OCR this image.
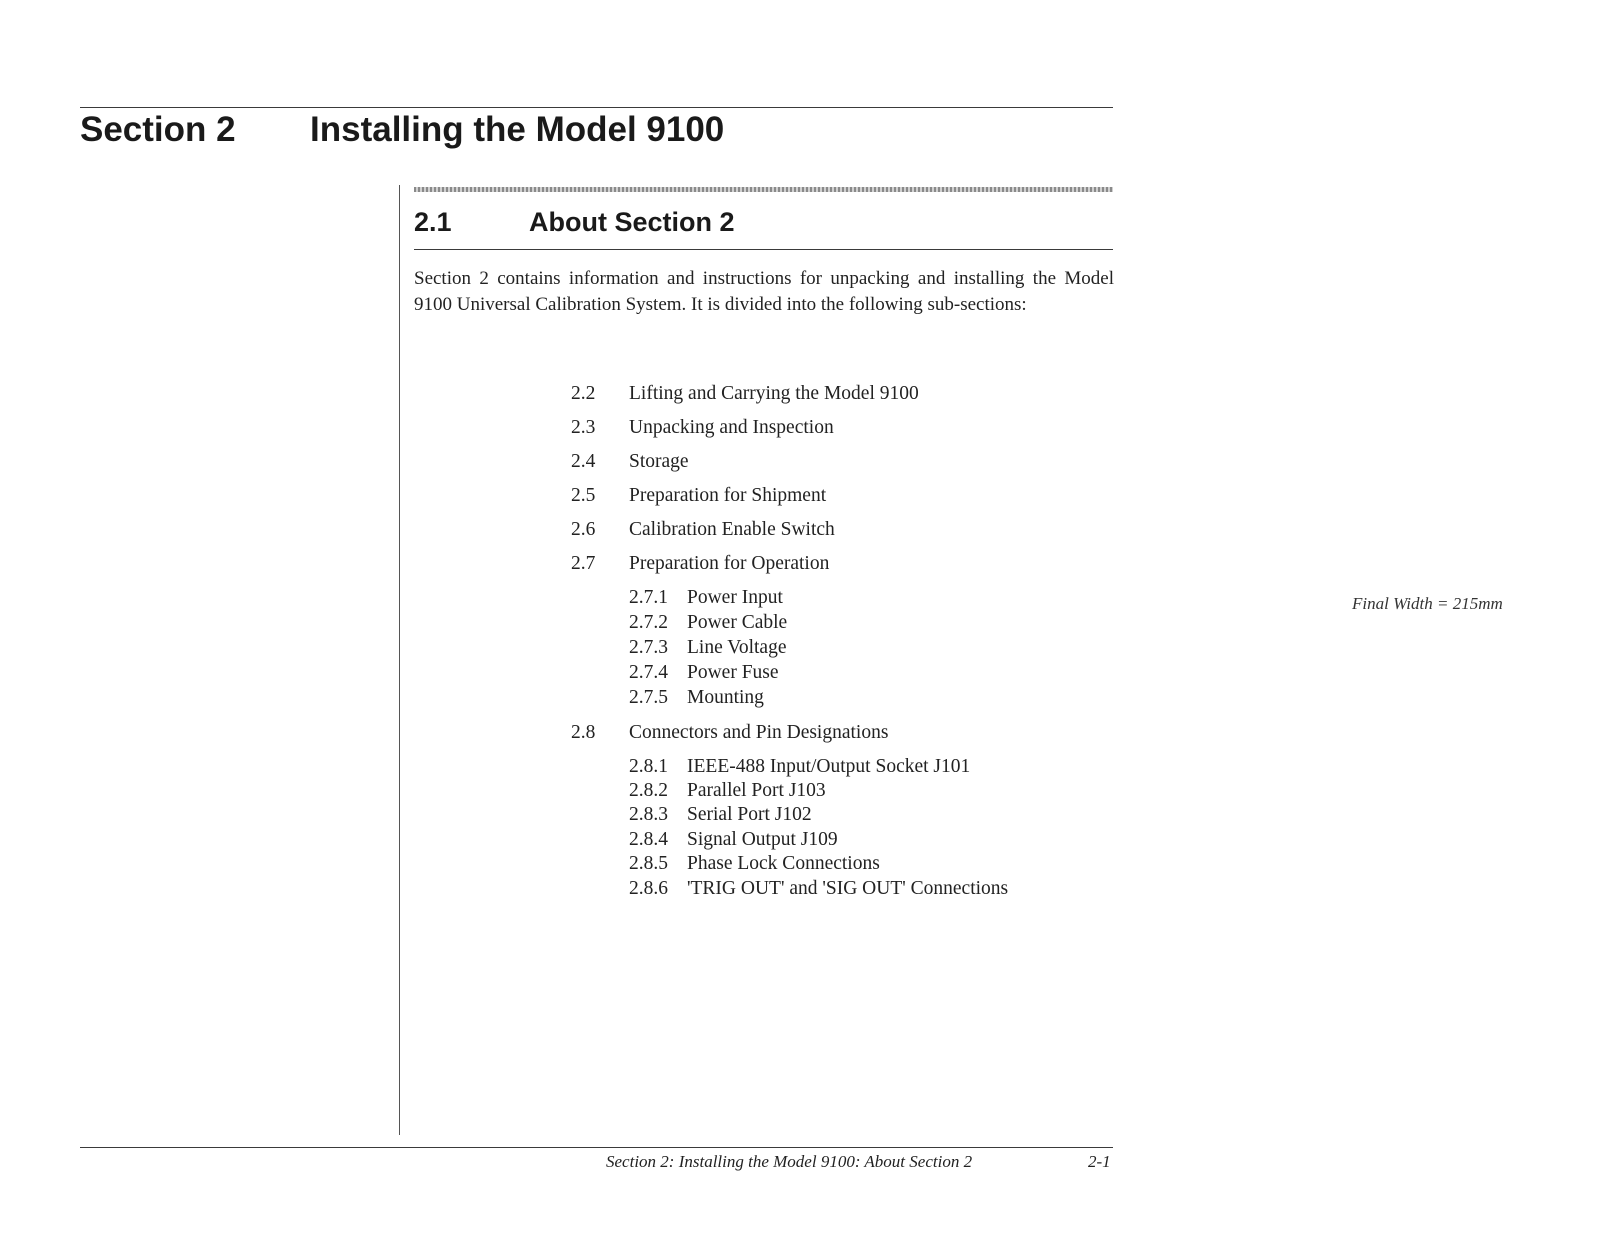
Section 2 Installing the Model 9100
2.1	About Section 2
Section 2 contains information and instructions for unpacking and installing the Model 9100 Universal Calibration System. It is divided into the following sub-sections:
2.2 Lifting and Carrying the Model 9100
2.3 Unpacking and Inspection
2.4 Storage
2.5 Preparation for Shipment
2.6 Calibration Enable Switch
2.7 Preparation for Operation
2.7.1 Power Input
2.7.2 Power Cable
2.7.3 Line Voltage
2.7.4 Power Fuse
2.7.5 Mounting
2.8 Connectors and Pin Designations
2.8.1 IEEE-488 Input/Output Socket J101
2.8.2 Parallel Port J103
2.8.3 Serial Port J102
2.8.4 Signal Output J109
2.8.5 Phase Lock Connections
2.8.6 'TRIG OUT' and 'SIG OUT' Connections
Final Width = 215mm
Section 2: Installing the Model 9100: About Section 2	2-1
